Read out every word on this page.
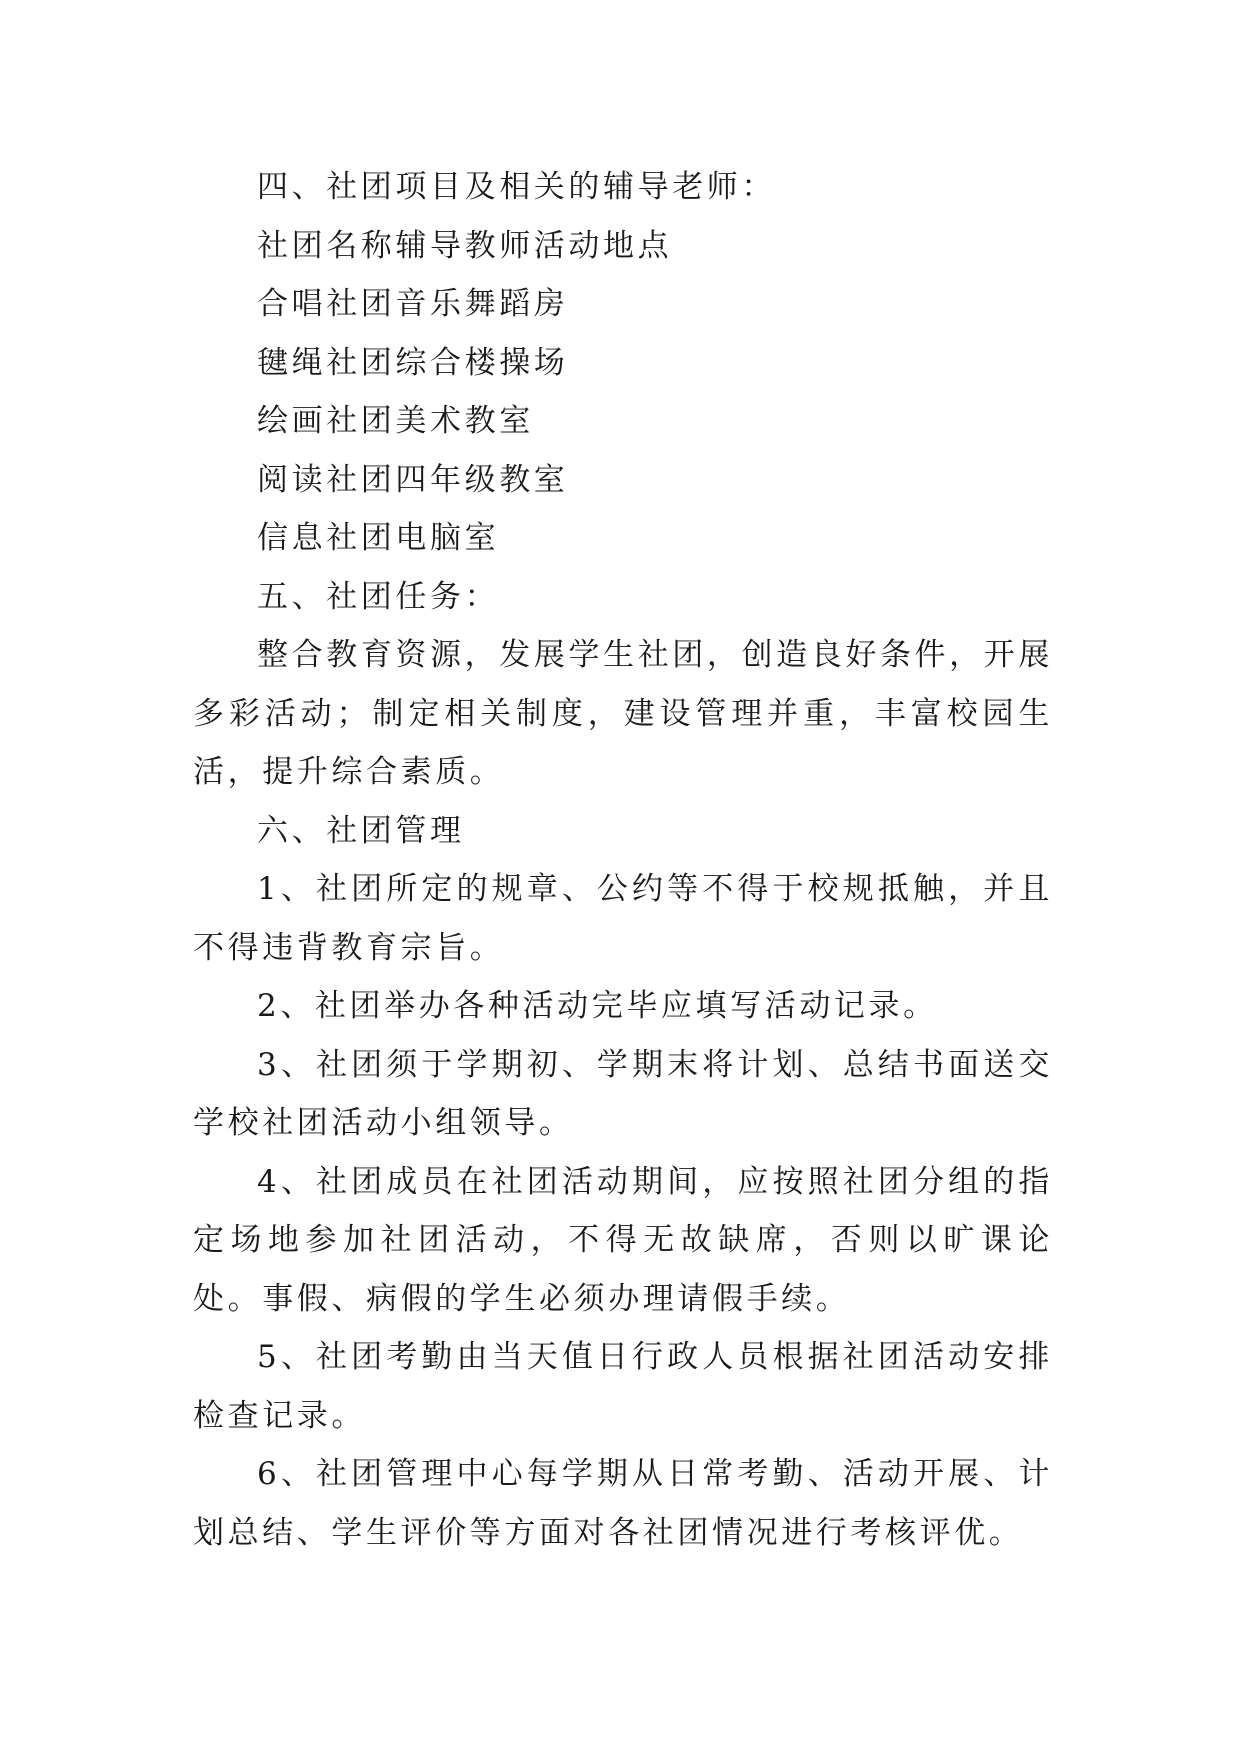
四、社团项目及相关的辅导老师：

社团名称辅导教师活动地点

合唱社团音乐舞蹈房

毽绳社团综合楼操场

绘画社团美术教室

阅读社团四年级教室

信息社团电脑室

五、社团任务：

整合教育资源，发展学生社团，创造良好条件，开展多彩活动；制定相关制度，建设管理并重，丰富校园生活，提升综合素质。

六、社团管理

1、社团所定的规章、公约等不得于校规抵触，并且不得违背教育宗旨。

2、社团举办各种活动完毕应填写活动记录。

3、社团须于学期初、学期末将计划、总结书面送交学校社团活动小组领导。

4、社团成员在社团活动期间，应按照社团分组的指定场地参加社团活动，不得无故缺席，否则以旷课论处。事假、病假的学生必须办理请假手续。

5、社团考勤由当天值日行政人员根据社团活动安排检查记录。

6、社团管理中心每学期从日常考勤、活动开展、计划总结、学生评价等方面对各社团情况进行考核评优。
